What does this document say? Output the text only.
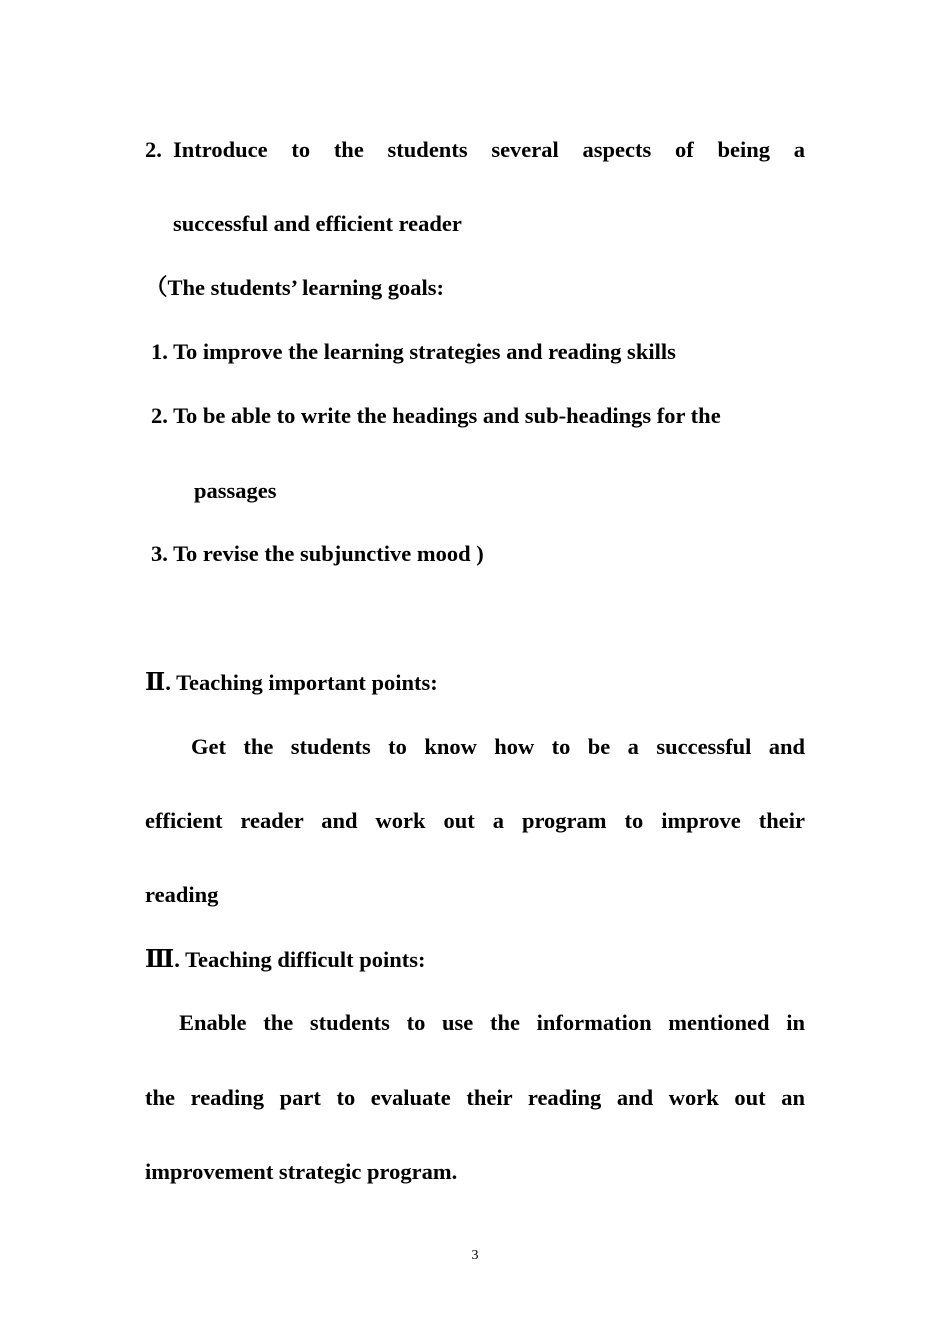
2. Introduce to the students several aspects of being a
successful and efficient reader
（The students’ learning goals:
1. To improve the learning strategies and reading skills
2. To be able to write the headings and sub-headings for the
passages
3. To revise the subjunctive mood )
Ⅱ. Teaching important points:
Get the students to know how to be a successful and
efficient reader and work out a program to improve their
reading
Ⅲ. Teaching difficult points:
Enable the students to use the information mentioned in
the reading part to evaluate their reading and work out an
improvement strategic program.
3
